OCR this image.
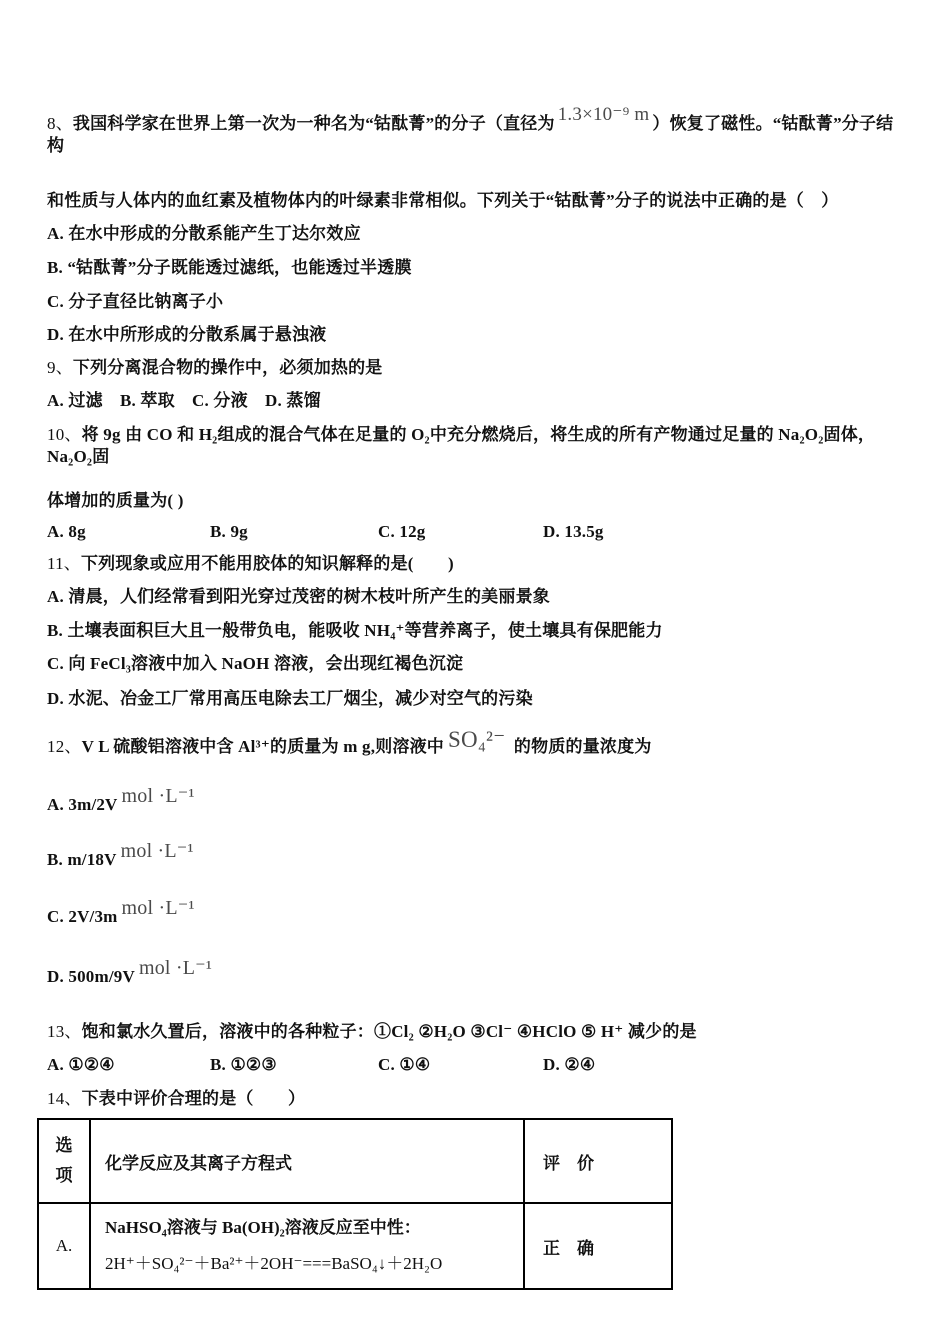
8、我国科学家在世界上第一次为一种名为“钴酞菁”的分子（直径为 1.3×10⁻⁹ m ）恢复了磁性。“钴酞菁”分子结构
和性质与人体内的血红素及植物体内的叶绿素非常相似。下列关于“钴酞菁”分子的说法中正确的是（　）
A. 在水中形成的分散系能产生丁达尔效应
B. “钴酞菁”分子既能透过滤纸，也能透过半透膜
C. 分子直径比钠离子小
D. 在水中所形成的分散系属于悬浊液
9、下列分离混合物的操作中，必须加热的是
A. 过滤　B. 萃取　C. 分液　D. 蒸馏
10、将 9g 由 CO 和 H₂组成的混合气体在足量的 O₂中充分燃烧后，将生成的所有产物通过足量的 Na₂O₂固体，Na₂O₂固
体增加的质量为( )
A. 8g	B. 9g	C. 12g	D. 13.5g
11、下列现象或应用不能用胶体的知识解释的是(　　)
A. 清晨，人们经常看到阳光穿过茂密的树木枝叶所产生的美丽景象
B. 土壤表面积巨大且一般带负电，能吸收 NH₄⁺等营养离子，使土壤具有保肥能力
C. 向 FeCl₃溶液中加入 NaOH 溶液，会出现红褐色沉淀
D. 水泥、冶金工厂常用高压电除去工厂烟尘，减少对空气的污染
12、V L 硫酸铝溶液中含 Al³⁺的质量为 m g,则溶液中 SO₄²⁻ 的物质的量浓度为
A. 3m/2V mol ·L⁻¹
B. m/18V mol ·L⁻¹
C. 2V/3m mol ·L⁻¹
D. 500m/9V mol ·L⁻¹
13、饱和氯水久置后，溶液中的各种粒子：①Cl₂ ②H₂O ③Cl⁻ ④HClO ⑤ H⁺ 减少的是
A. ①②④	B. ①②③	C. ①④	D. ②④
14、下表中评价合理的是（　　）
选项	化学反应及其离子方程式	评　价
A.	NaHSO₄溶液与 Ba(OH)₂溶液反应至中性：
2H⁺＋SO₄²⁻＋Ba²⁺＋2OH⁻===BaSO₄↓＋2H₂O	正　确
